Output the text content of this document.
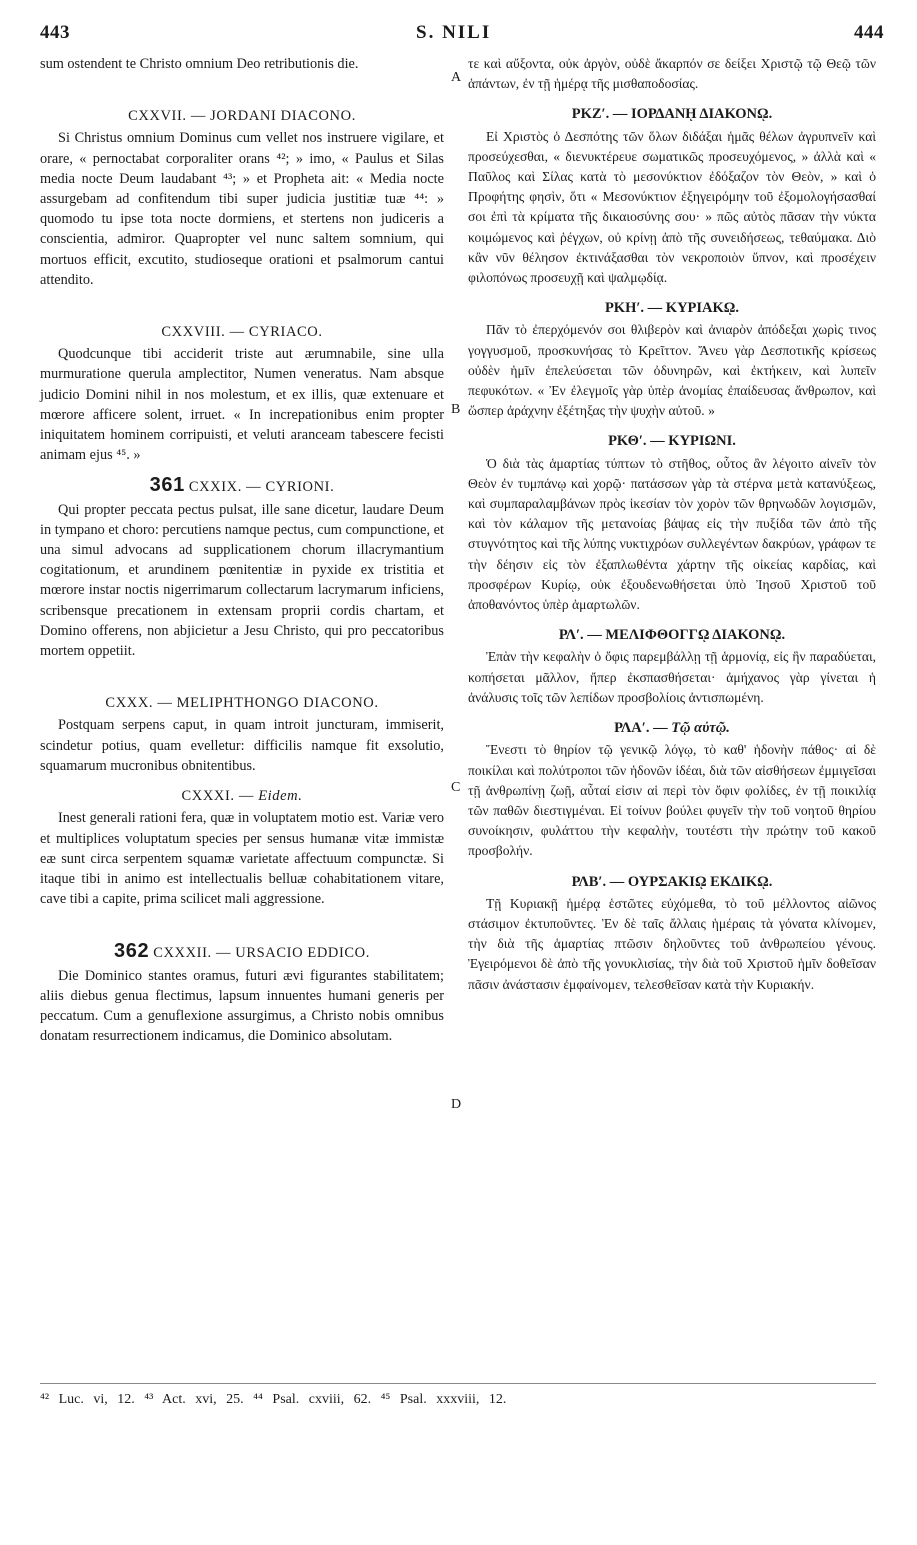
443	S. NILI	444
A
B
C
D

sum ostendent te Christo omnium Deo retributionis die.

CXXVII. — JORDANI DIACONO.

Si Christus omnium Dominus cum vellet nos instruere vigilare, et orare, « pernoctabat corporaliter orans ⁴²; » imo, « Paulus et Silas media nocte Deum laudabant ⁴³; » et Propheta ait: « Media nocte assurgebam ad confitendum tibi super judicia justitiæ tuæ ⁴⁴: » quomodo tu ipse tota nocte dormiens, et stertens non judiceris a conscientia, admiror. Quapropter vel nunc saltem somnium, qui mortuos efficit, excutito, studioseque orationi et psalmorum cantui attendito.

CXXVIII. — CYRIACO.

Quodcunque tibi acciderit triste aut ærumnabile, sine ulla murmuratione querula amplectitor, Numen veneratus. Nam absque judicio Domini nihil in nos molestum, et ex illis, quæ extenuare et mœrore afficere solent, irruet. « In increpationibus enim propter iniquitatem hominem corripuisti, et veluti aranceam tabescere fecisti animam ejus ⁴⁵. »

361 CXXIX. — CYRIONI.

Qui propter peccata pectus pulsat, ille sane dicetur, laudare Deum in tympano et choro: percutiens namque pectus, cum compunctione, et una simul advocans ad supplicationem chorum illacrymantium cogitationum, et arundinem pœnitentiæ in pyxide ex tristitia et mœrore instar noctis nigerrimarum collectarum lacrymarum inficiens, scribensque precationem in extensam proprii cordis chartam, et Domino offerens, non abjicietur a Jesu Christo, qui pro peccatoribus mortem oppetiit.

CXXX. — MELIPHTHONGO DIACONO.

Postquam serpens caput, in quam introit juncturam, immiserit, scindetur potius, quam evelletur: difficilis namque fit exsolutio, squamarum mucronibus obnitentibus.

CXXXI. — Eidem.

Inest generali rationi fera, quæ in voluptatem motio est. Variæ vero et multiplices voluptatum species per sensus humanæ vitæ immistæ eæ sunt circa serpentem squamæ varietate affectuum compunctæ. Si itaque tibi in animo est intellectualis belluæ cohabitationem vitare, cave tibi a capite, prima scilicet mali aggressione.

362 CXXXII. — URSACIO EDDICO.

Die Dominico stantes oramus, futuri ævi figurantes stabilitatem; aliis diebus genua flectimus, lapsum innuentes humani generis per peccatum. Cum a genuflexione assurgimus, a Christo nobis omnibus donatam resurrectionem indicamus, die Dominico absolutam.

τε καὶ αὔξοντα, οὐκ ἀργὸν, οὐδὲ ἄκαρπόν σε δείξει Χριστῷ τῷ Θεῷ τῶν ἁπάντων, ἐν τῇ ἡμέρᾳ τῆς μισθαποδοσίας.

ΡΚΖʹ. — ΙΟΡΔΑΝῌ ΔΙΑΚΟΝῼ.

Εἰ Χριστὸς ὁ Δεσπότης τῶν ὅλων διδάξαι ἡμᾶς θέλων ἀγρυπνεῖν καὶ προσεύχεσθαι, « διενυκτέρευε σωματικῶς προσευχόμενος, » ἀλλὰ καὶ « Παῦλος καὶ Σίλας κατὰ τὸ μεσονύκτιον ἐδόξαζον τὸν Θεὸν, » καὶ ὁ Προφήτης φησὶν, ὅτι « Μεσονύκτιον ἐξηγειρόμην τοῦ ἐξομολογήσασθαί σοι ἐπὶ τὰ κρίματα τῆς δικαιοσύνης σου· » πῶς αὐτὸς πᾶσαν τὴν νύκτα κοιμώμενος καὶ ῥέγχων, οὐ κρίνῃ ἀπὸ τῆς συνειδήσεως, τεθαύμακα. Διὸ κἂν νῦν θέλησον ἐκτινάξασθαι τὸν νεκροποιὸν ὕπνον, καὶ προσέχειν φιλοπόνως προσευχῇ καὶ ψαλμῳδίᾳ.

ΡΚΗʹ. — ΚΥΡΙΑΚῼ.

Πᾶν τὸ ἐπερχόμενόν σοι θλιβερὸν καὶ ἀνιαρὸν ἀπόδεξαι χωρὶς τινος γογγυσμοῦ, προσκυνήσας τὸ Κρεῖττον. Ἄνευ γὰρ Δεσποτικῆς κρίσεως οὐδὲν ἡμῖν ἐπελεύσεται τῶν ὀδυνηρῶν, καὶ ἐκτήκειν, καὶ λυπεῖν πεφυκότων. « Ἐν ἐλεγμοῖς γὰρ ὑπὲρ ἀνομίας ἐπαίδευσας ἄνθρωπον, καὶ ὥσπερ ἀράχνην ἐξέτηξας τὴν ψυχὴν αὐτοῦ. »

ΡΚΘʹ. — ΚΥΡΙΩΝΙ.

Ὁ διὰ τὰς ἁμαρτίας τύπτων τὸ στῆθος, οὗτος ἂν λέγοιτο αἰνεῖν τὸν Θεὸν ἐν τυμπάνῳ καὶ χορῷ· πατάσσων γὰρ τὰ στέρνα μετὰ κατανύξεως, καὶ συμπαραλαμβάνων πρὸς ἱκεσίαν τὸν χορὸν τῶν θρηνωδῶν λογισμῶν, καὶ τὸν κάλαμον τῆς μετανοίας βάψας εἰς τὴν πυξίδα τῶν ἀπὸ τῆς στυγνότητος καὶ τῆς λύπης νυκτιχρόων συλλεγέντων δακρύων, γράφων τε τὴν δέησιν εἰς τὸν ἐξαπλωθέντα χάρτην τῆς οἰκείας καρδίας, καὶ προσφέρων Κυρίῳ, οὐκ ἐξουδενωθήσεται ὑπὸ Ἰησοῦ Χριστοῦ τοῦ ἀποθανόντος ὑπὲρ ἁμαρτωλῶν.

ΡΛʹ. — ΜΕΛΙΦΘΟΓΓῼ ΔΙΑΚΟΝῼ.

Ἐπὰν τὴν κεφαλὴν ὁ ὄφις παρεμβάλλῃ τῇ ἁρμονίᾳ, εἰς ἣν παραδύεται, κοπήσεται μᾶλλον, ἤπερ ἐκσπασθήσεται· ἀμήχανος γὰρ γίνεται ἡ ἀνάλυσις τοῖς τῶν λεπίδων προσβολίοις ἀντισπωμένη.

ΡΛΑʹ. — Τῷ αὐτῷ.

Ἔνεστι τὸ θηρίον τῷ γενικῷ λόγῳ, τὸ καθ' ἡδονὴν πάθος· αἱ δὲ ποικίλαι καὶ πολύτροποι τῶν ἡδονῶν ἰδέαι, διὰ τῶν αἰσθήσεων ἐμμιγεῖσαι τῇ ἀνθρωπίνῃ ζωῇ, αὗταί εἰσιν αἱ περὶ τὸν ὄφιν φολίδες, ἐν τῇ ποικιλίᾳ τῶν παθῶν διεστιγμέναι. Εἰ τοίνυν βούλει φυγεῖν τὴν τοῦ νοητοῦ θηρίου συνοίκησιν, φυλάττου τὴν κεφαλὴν, τουτέστι τὴν πρώτην τοῦ κακοῦ προσβολήν.

ΡΛΒʹ. — ΟΥΡΣΑΚΙῼ ΕΚΔΙΚῼ.

Τῇ Κυριακῇ ἡμέρᾳ ἑστῶτες εὐχόμεθα, τὸ τοῦ μέλλοντος αἰῶνος στάσιμον ἐκτυποῦντες. Ἐν δὲ ταῖς ἄλλαις ἡμέραις τὰ γόνατα κλίνομεν, τὴν διὰ τῆς ἁμαρτίας πτῶσιν δηλοῦντες τοῦ ἀνθρωπείου γένους. Ἐγειρόμενοι δὲ ἀπὸ τῆς γονυκλισίας, τὴν διὰ τοῦ Χριστοῦ ἡμῖν δοθεῖσαν πᾶσιν ἀνάστασιν ἐμφαίνομεν, τελεσθεῖσαν κατὰ τὴν Κυριακήν.

⁴² Luc. vi, 12. ⁴³ Act. xvi, 25. ⁴⁴ Psal. cxviii, 62. ⁴⁵ Psal. xxxviii, 12.
